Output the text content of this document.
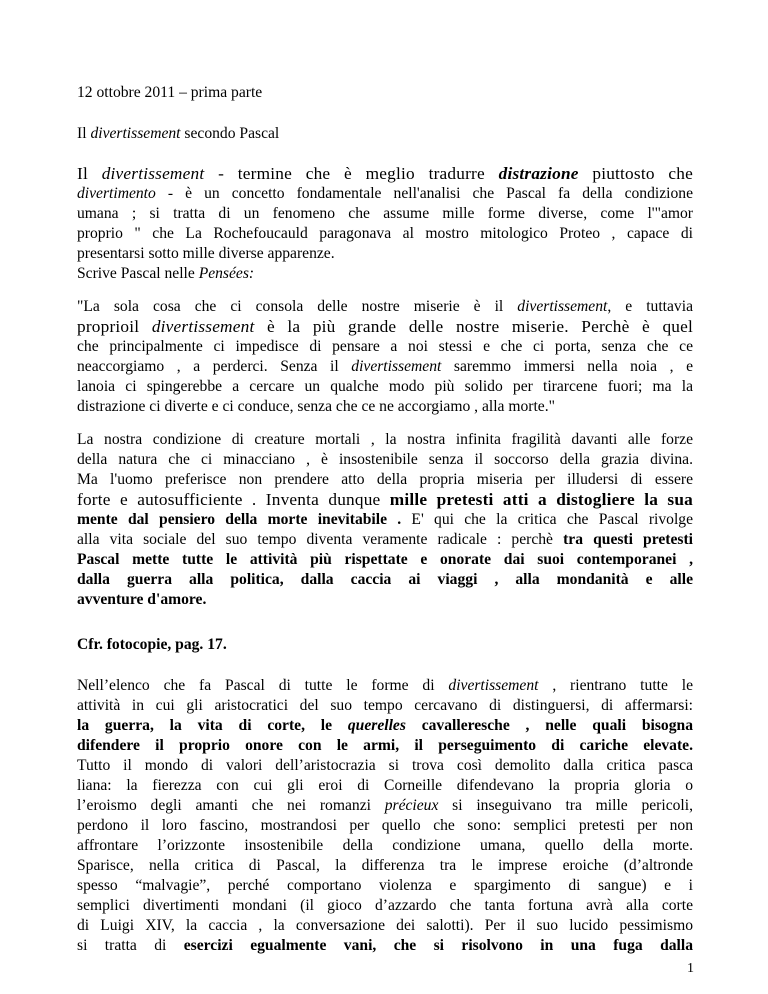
12 ottobre 2011 – prima parte

Il divertissement secondo Pascal

Il divertissement - termine che è meglio tradurre distrazione piuttosto che
divertimento - è un concetto fondamentale nell'analisi che Pascal fa della condizione
umana ; si tratta di un fenomeno che assume mille forme diverse, come l'"amor
proprio " che La Rochefoucauld paragonava al mostro mitologico Proteo , capace di
presentarsi sotto mille diverse apparenze.
Scrive Pascal nelle Pensées:
"La sola cosa che ci consola delle nostre miserie è il divertissement, e tuttavia
proprioil divertissement è la più grande delle nostre miserie. Perchè è quel
che principalmente ci impedisce di pensare a noi stessi e che ci porta, senza che ce
neaccorgiamo , a perderci. Senza il divertissement saremmo immersi nella noia , e
lanoia ci spingerebbe a cercare un qualche modo più solido per tirarcene fuori; ma la
distrazione ci diverte e ci conduce, senza che ce ne accorgiamo , alla morte."
La nostra condizione di creature mortali , la nostra infinita fragilità davanti alle forze
della natura che ci minacciano , è insostenibile senza il soccorso della grazia divina.
Ma l'uomo preferisce non prendere atto della propria miseria per illudersi di essere
forte e autosufficiente . Inventa dunque mille pretesti atti a distogliere la sua
mente dal pensiero della morte inevitabile . E' qui che la critica che Pascal rivolge
alla vita sociale del suo tempo diventa veramente radicale : perchè tra questi pretesti
Pascal mette tutte le attività più rispettate e onorate dai suoi contemporanei ,
dalla guerra alla politica, dalla caccia ai viaggi , alla mondanità e alle
avventure d'amore.

Cfr. fotocopie, pag. 17.

Nell’elenco che fa Pascal di tutte le forme di divertissement , rientrano tutte le
attività in cui gli aristocratici del suo tempo cercavano di distinguersi, di affermarsi:
la guerra, la vita di corte, le querelles cavalleresche , nelle quali bisogna
difendere il proprio onore con le armi, il perseguimento di cariche elevate.
Tutto il mondo di valori dell’aristocrazia si trova così demolito dalla critica pasca
liana: la fierezza con cui gli eroi di Corneille difendevano la propria gloria o
l’eroismo degli amanti che nei romanzi précieux si inseguivano tra mille pericoli,
perdono il loro fascino, mostrandosi per quello che sono: semplici pretesti per non
affrontare l’orizzonte insostenibile della condizione umana, quello della morte.
Sparisce, nella critica di Pascal, la differenza tra le imprese eroiche (d’altronde
spesso “malvagie”, perché comportano violenza e spargimento di sangue) e i
semplici divertimenti mondani (il gioco d’azzardo che tanta fortuna avrà alla corte
di Luigi XIV, la caccia , la conversazione dei salotti). Per il suo lucido pessimismo
si tratta di esercizi egualmente vani, che si risolvono in una fuga dalla
1
